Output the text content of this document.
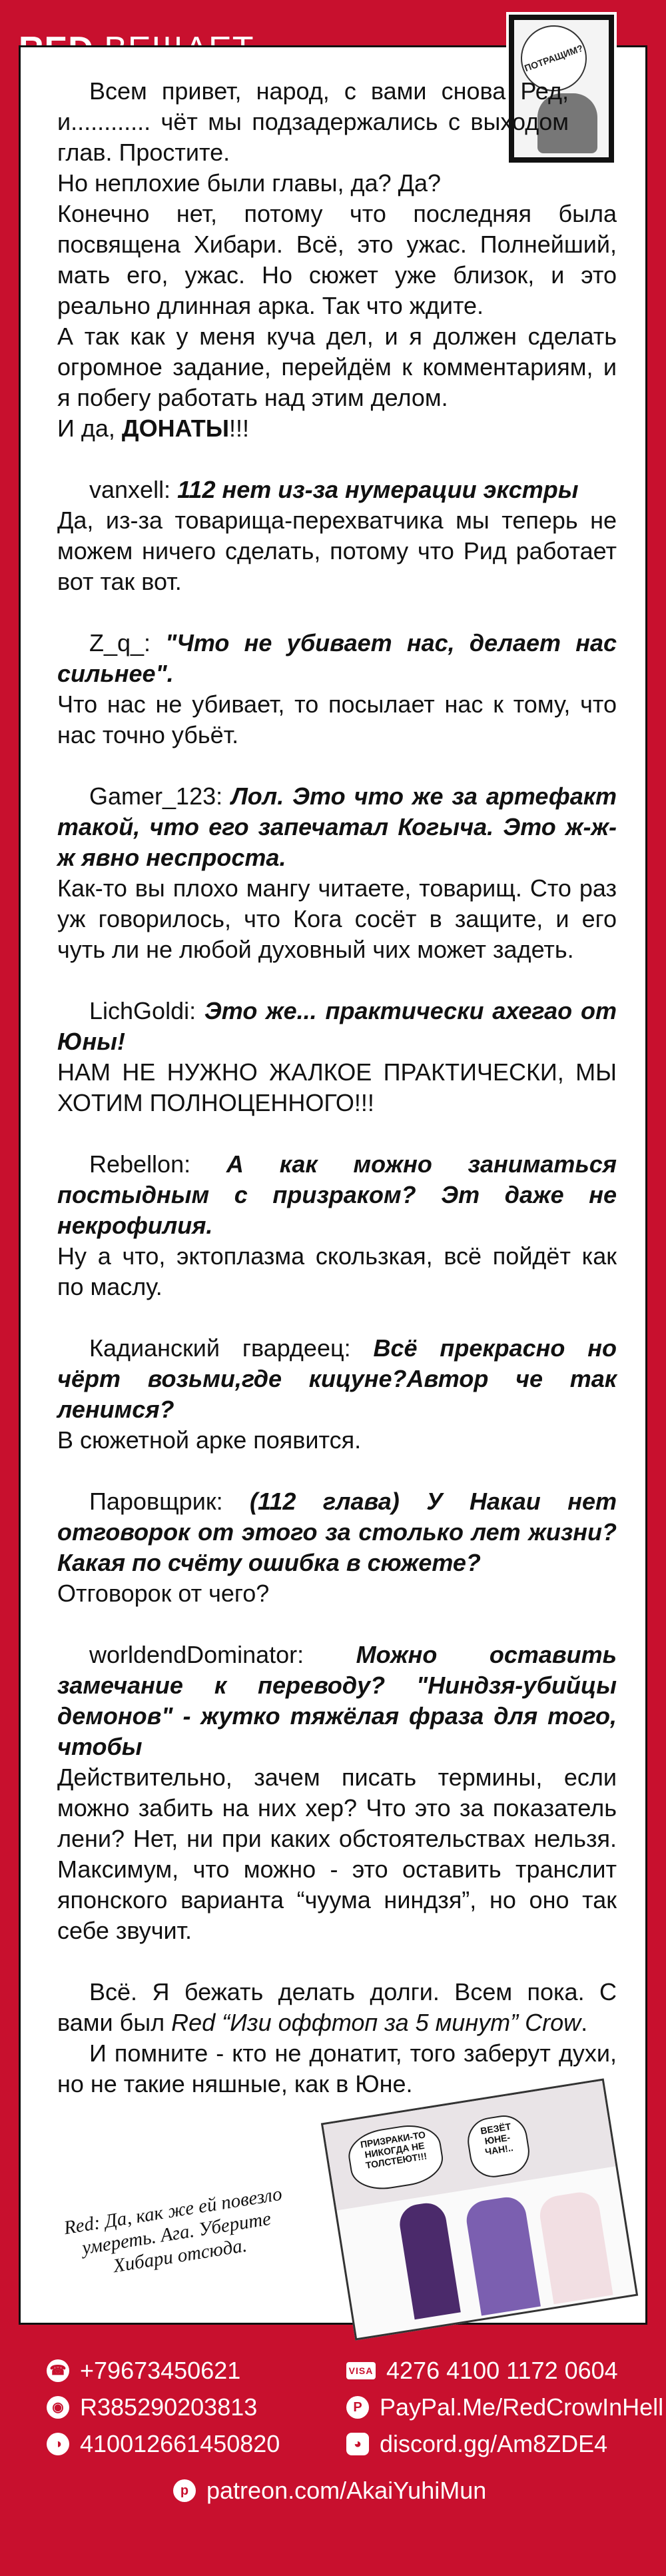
ПОТРАЩИМ?

Всем привет, народ, с вами снова Ред, и............ чёт мы подзадержались с выходом глав. Простите.

Но неплохие были главы, да? Да?

Конечно нет, потому что последняя была посвящена Хибари. Всё, это ужас. Полнейший, мать его, ужас. Но сюжет уже близок, и это реально длинная арка. Так что ждите.

А так как у меня куча дел, и я должен сделать огромное задание, перейдём к комментариям, и я побегу работать над этим делом.

И да, ДОНАТЫ!!!

vanxell: 112 нет из-за нумерации экстры

Да, из-за товарища-перехватчика мы теперь не можем ничего сделать, потому что Рид работает вот так вот.

Z_q_: "Что не убивает нас, делает нас сильнее".

Что нас не убивает, то посылает нас к тому, что нас точно убьёт.

Gamer_123: Лол. Это что же за артефакт такой, что его запечатал Когыча. Это ж-ж-ж явно неспроста.

Как-то вы плохо мангу читаете, товарищ. Сто раз уж говорилось, что Кога сосёт в защите, и его чуть ли не любой духовный чих может задеть.

LichGoldi: Это же... практически ахегао от Юны!

НАМ НЕ НУЖНО ЖАЛКОЕ ПРАКТИЧЕСКИ, МЫ ХОТИМ ПОЛНОЦЕННОГО!!!

Rebellon: А как можно заниматься постыдным с призраком? Эт даже не некрофилия.

Ну а что, эктоплазма скользкая, всё пойдёт как по маслу.

Кадианский гвардеец: Всё прекрасно но чёрт возьми,где кицуне?Автор че так ленимся?

В сюжетной арке появится.

Паровщрик: (112 глава) У Накаи нет отговорок от этого за столько лет жизни? Какая по счёту ошибка в сюжете?

Отговорок от чего?

worldendDominator: Можно оставить замечание к переводу? "Ниндзя-убийцы демонов" - жутко тяжёлая фраза для того, чтобы

Действительно, зачем писать термины, если можно забить на них хер? Что это за показатель лени? Нет, ни при каких обстоятельствах нельзя. Максимум, что можно - это оставить транслит японского варианта “чуума ниндзя”, но оно так себе звучит.

Всё. Я бежать делать долги. Всем пока. С вами был Red “Изи оффтоп за 5 минут” Crow.

И помните - кто не донатит, того заберут духи, но не такие няшные, как в Юне.

ПРИЗРАКИ-ТО НИКОГДА НЕ ТОЛСТЕЮТ!!!
ВЕЗЁТ ЮНЕ-ЧАН!..
Red: Да, как же ей повезло умереть. Ага. Уберите Хибари отсюда.
☎ +79673450621	VISA 4276 4100 1172 0604
◉ R385290203813	P PayPal.Me/RedCrowInHell
◑ 410012661450820	◕ discord.gg/Am8ZDE4
p patreon.com/AkaiYuhiMun
